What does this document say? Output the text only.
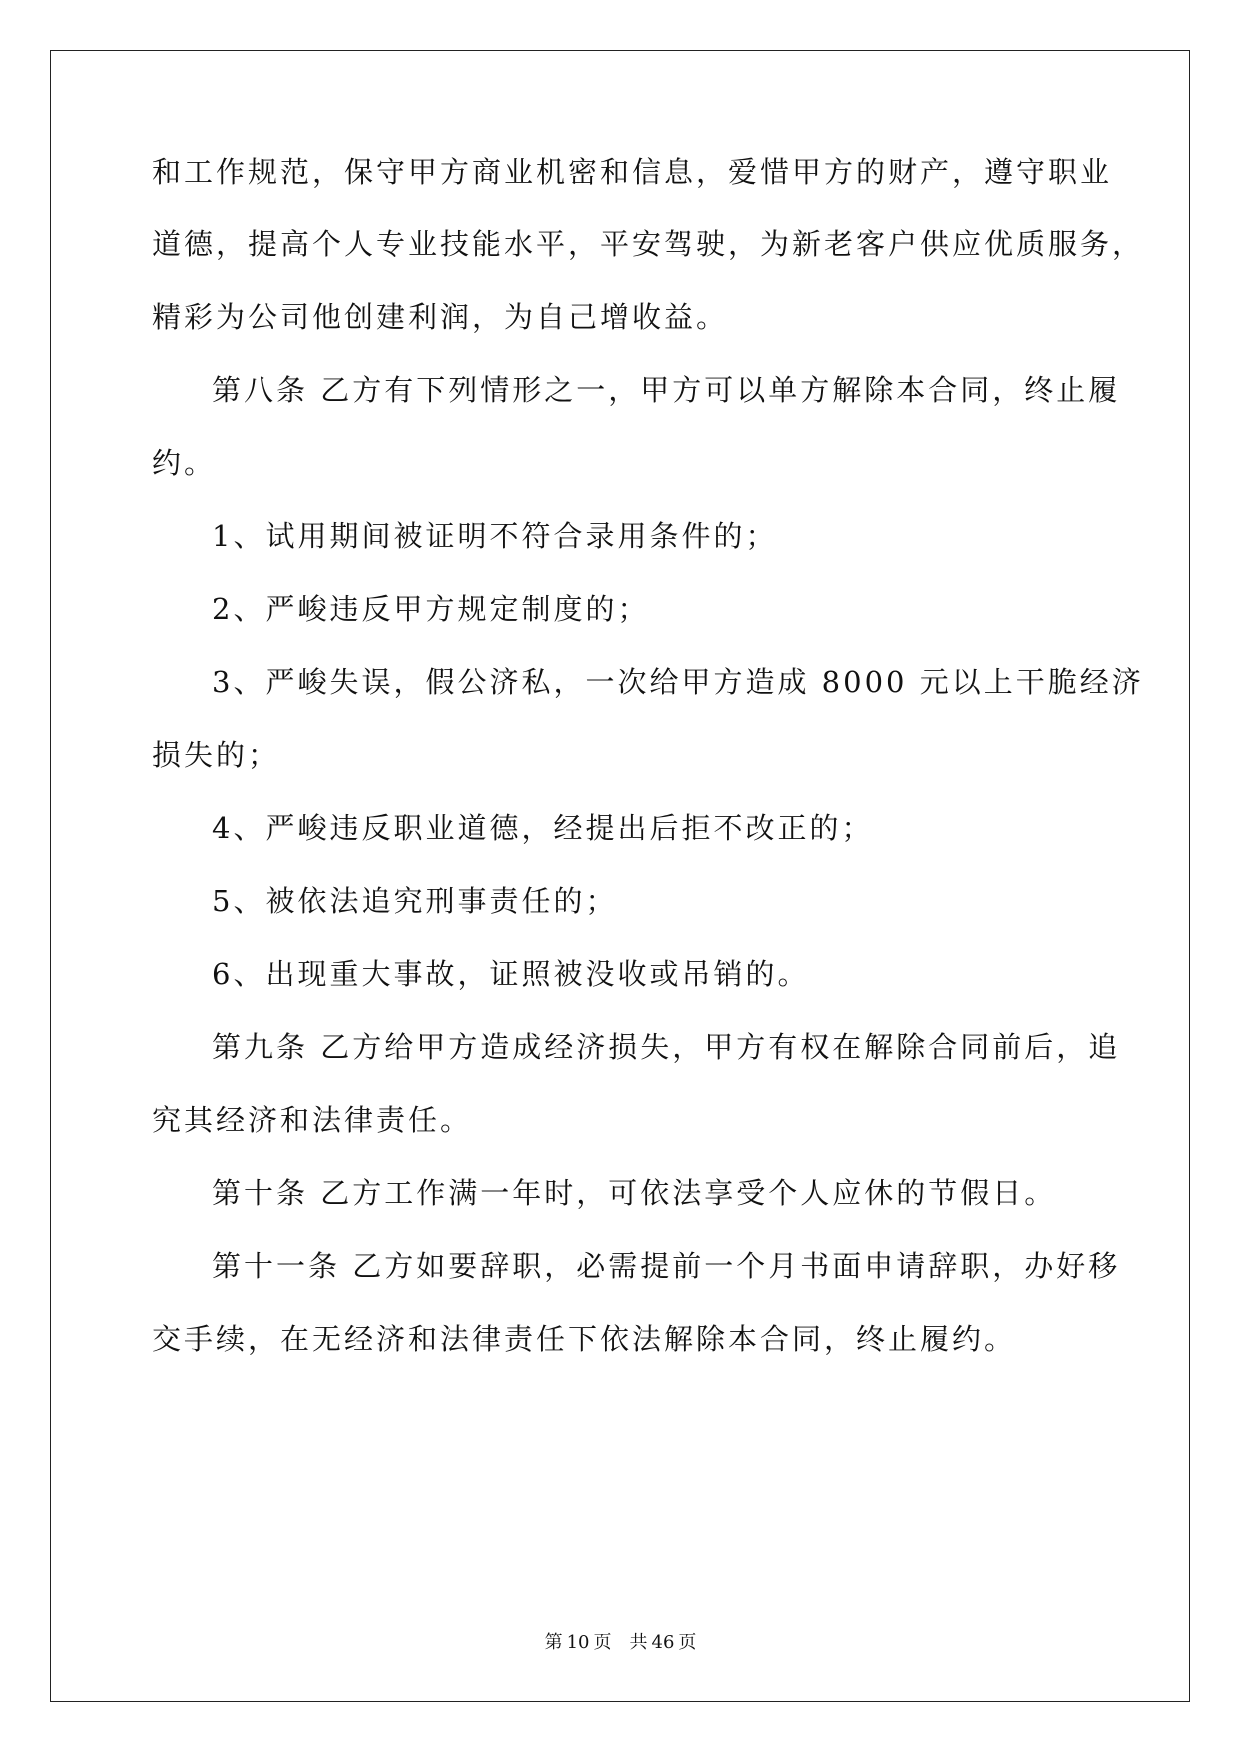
和工作规范，保守甲方商业机密和信息，爱惜甲方的财产，遵守职业
道德，提高个人专业技能水平，平安驾驶，为新老客户供应优质服务，
精彩为公司他创建利润，为自己增收益。
第八条 乙方有下列情形之一，甲方可以单方解除本合同，终止履
约。
1、试用期间被证明不符合录用条件的；
2、严峻违反甲方规定制度的；
3、严峻失误，假公济私，一次给甲方造成 8000 元以上干脆经济
损失的；
4、严峻违反职业道德，经提出后拒不改正的；
5、被依法追究刑事责任的；
6、出现重大事故，证照被没收或吊销的。
第九条 乙方给甲方造成经济损失，甲方有权在解除合同前后，追
究其经济和法律责任。
第十条 乙方工作满一年时，可依法享受个人应休的节假日。
第十一条 乙方如要辞职，必需提前一个月书面申请辞职，办好移
交手续，在无经济和法律责任下依法解除本合同，终止履约。
第 10 页　共 46 页
